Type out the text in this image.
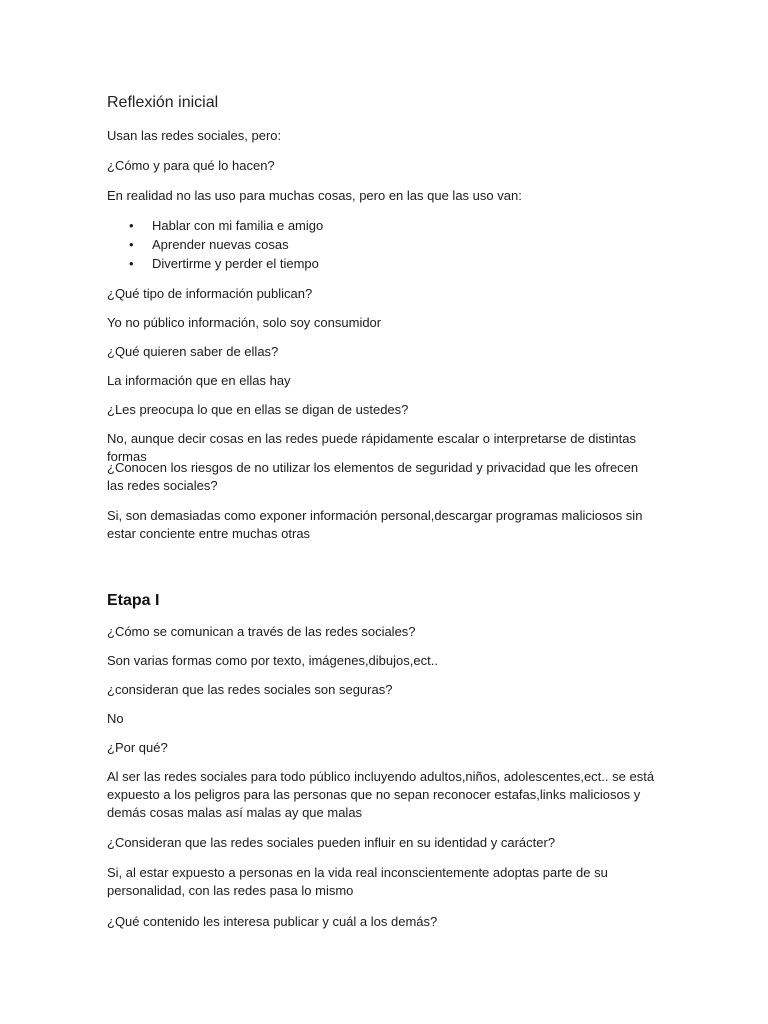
Reflexión inicial
Usan las redes sociales, pero:
¿Cómo y para qué lo hacen?
En realidad no las uso para muchas cosas, pero en las que las uso van:
• Hablar con mi familia e amigo
• Aprender nuevas cosas
• Divertirme y perder el tiempo
¿Qué tipo de información publican?
Yo no público información, solo soy consumidor
¿Qué quieren saber de ellas?
La información que en ellas hay
¿Les preocupa lo que en ellas se digan de ustedes?
No, aunque decir cosas en las redes puede rápidamente escalar o interpretarse de distintas formas
¿Conocen los riesgos de no utilizar los elementos de seguridad y privacidad que les ofrecen las redes sociales?
Si, son demasiadas como exponer información personal,descargar programas maliciosos sin estar conciente entre muchas otras
Etapa I
¿Cómo se comunican a través de las redes sociales?
Son varias formas como por texto, imágenes,dibujos,ect..
¿consideran que las redes sociales son seguras?
No
¿Por qué?
Al ser las redes sociales para todo público incluyendo adultos,niños, adolescentes,ect.. se está expuesto a los peligros para las personas que no sepan reconocer estafas,links maliciosos y demás cosas malas así malas ay que malas
¿Consideran que las redes sociales pueden influir en su identidad y carácter?
Si, al estar expuesto a personas en la vida real inconscientemente adoptas parte de su personalidad, con las redes pasa lo mismo
¿Qué contenido les interesa publicar y cuál a los demás?
